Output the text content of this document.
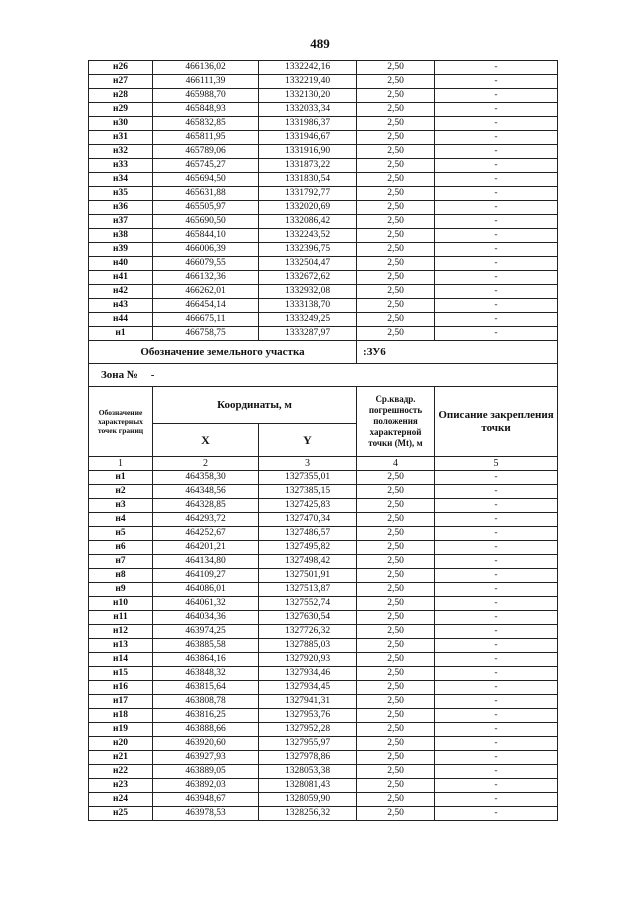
489
н26	466136,02	1332242,16	2,50	-
н27	466111,39	1332219,40	2,50	-
н28	465988,70	1332130,20	2,50	-
н29	465848,93	1332033,34	2,50	-
н30	465832,85	1331986,37	2,50	-
н31	465811,95	1331946,67	2,50	-
н32	465789,06	1331916,90	2,50	-
н33	465745,27	1331873,22	2,50	-
н34	465694,50	1331830,54	2,50	-
н35	465631,88	1331792,77	2,50	-
н36	465505,97	1332020,69	2,50	-
н37	465690,50	1332086,42	2,50	-
н38	465844,10	1332243,52	2,50	-
н39	466006,39	1332396,75	2,50	-
н40	466079,55	1332504,47	2,50	-
н41	466132,36	1332672,62	2,50	-
н42	466262,01	1332932,08	2,50	-
н43	466454,14	1333138,70	2,50	-
н44	466675,11	1333249,25	2,50	-
н1	466758,75	1333287,97	2,50	-
Обозначение земельного участка			:ЗУ6	
Зона № -				
Обозначение характерных точек границ	Координаты, м		Ср.квадр. погрешность положения характерной точки (Мt), м	Описание закрепления точки
	X	Y		
1	2	3	4	5
н1	464358,30	1327355,01	2,50	-
н2	464348,56	1327385,15	2,50	-
н3	464328,85	1327425,83	2,50	-
н4	464293,72	1327470,34	2,50	-
н5	464252,67	1327486,57	2,50	-
н6	464201,21	1327495,82	2,50	-
н7	464134,80	1327498,42	2,50	-
н8	464109,27	1327501,91	2,50	-
н9	464086,01	1327513,87	2,50	-
н10	464061,32	1327552,74	2,50	-
н11	464034,36	1327630,54	2,50	-
н12	463974,25	1327726,32	2,50	-
н13	463885,58	1327885,03	2,50	-
н14	463864,16	1327920,93	2,50	-
н15	463848,32	1327934,46	2,50	-
н16	463815,64	1327934,45	2,50	-
н17	463808,78	1327941,31	2,50	-
н18	463816,25	1327953,76	2,50	-
н19	463888,66	1327952,28	2,50	-
н20	463920,60	1327955,97	2,50	-
н21	463927,93	1327978,86	2,50	-
н22	463889,05	1328053,38	2,50	-
н23	463892,03	1328081,43	2,50	-
н24	463948,67	1328059,90	2,50	-
н25	463978,53	1328256,32	2,50	-
